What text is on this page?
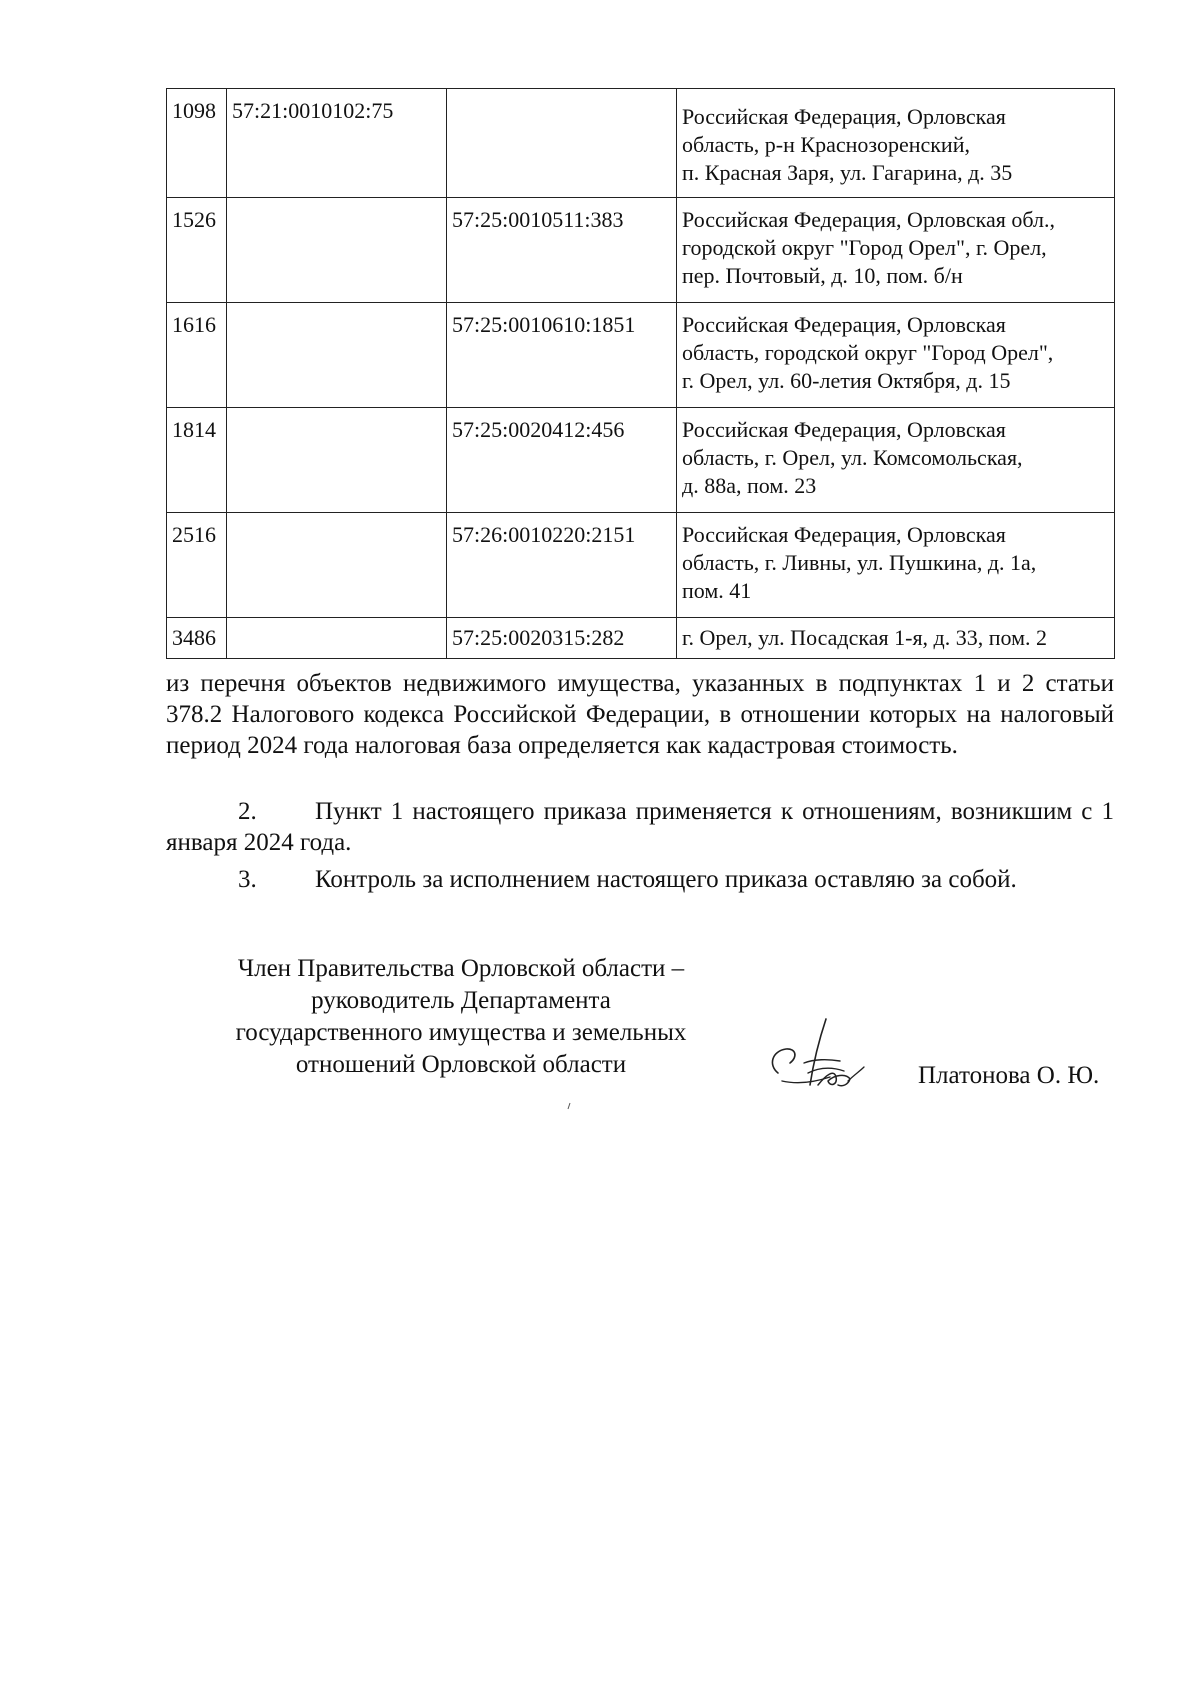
1098	57:21:0010102:75		Российская Федерация, Орловская
область, р-н Краснозоренский,
п. Красная Заря, ул. Гагарина, д. 35

1526		57:25:0010511:383	Российская Федерация, Орловская обл.,
городской округ "Город Орел", г. Орел,
пер. Почтовый, д. 10, пом. б/н

1616		57:25:0010610:1851	Российская Федерация, Орловская
область, городской округ "Город Орел",
г. Орел, ул. 60-летия Октября, д. 15

1814		57:25:0020412:456	Российская Федерация, Орловская
область, г. Орел, ул. Комсомольская,
д. 88а, пом. 23

2516		57:26:0010220:2151	Российская Федерация, Орловская
область, г. Ливны, ул. Пушкина, д. 1а,
пом. 41

3486		57:25:0020315:282	г. Орел, ул. Посадская 1-я, д. 33, пом. 2
из перечня объектов недвижимого имущества, указанных в подпунктах 1 и 2 статьи 378.2 Налогового кодекса Российской Федерации, в отношении которых на налоговый период 2024 года налоговая база определяется как кадастровая стоимость.
2. Пункт 1 настоящего приказа применяется к отношениям, возникшим с 1 января 2024 года.
3. Контроль за исполнением настоящего приказа оставляю за собой.
Член Правительства Орловской области –
руководитель Департамента
государственного имущества и земельных
отношений Орловской области	Платонова О. Ю.
